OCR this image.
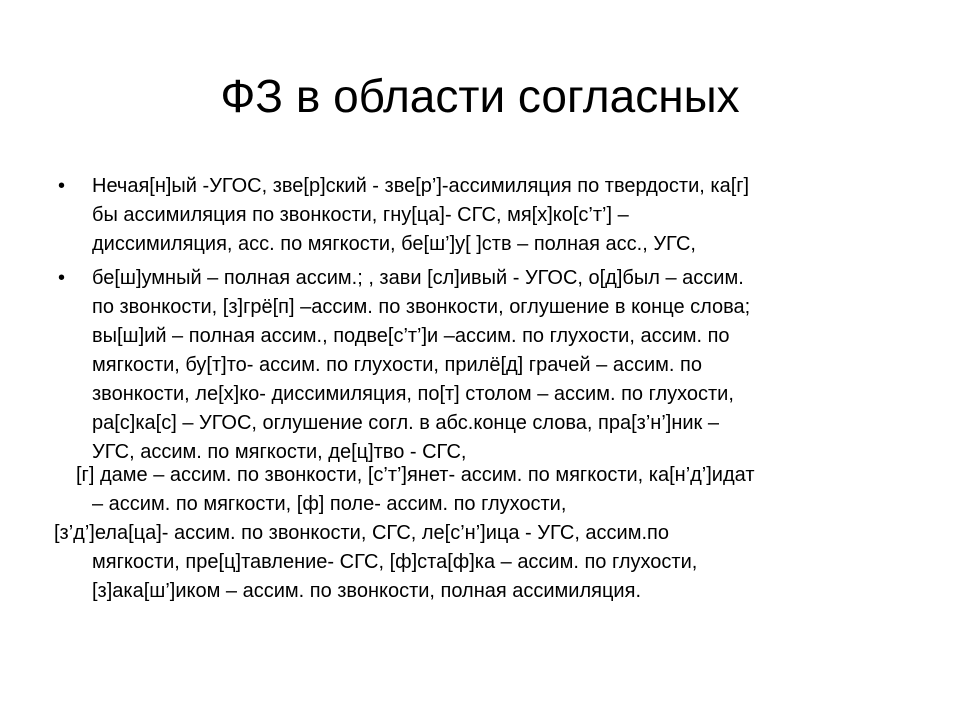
ФЗ в области согласных
•	Нечая[н]ый -УГОС, зве[р]ский - зве[р’]-ассимиляция по твердости, ка[г]
бы ассимиляция по звонкости, гну[ца]- СГС, мя[х]ко[с’т’] –
диссимиляция, асс. по мягкости, бе[ш’]у[ ]ств – полная асс., УГС,
•	бе[ш]умный – полная ассим.; , зави [сл]ивый - УГОС, о[д]был – ассим.
по звонкости, [з]грё[п] –ассим. по звонкости, оглушение в конце слова;
вы[ш]ий – полная ассим., подве[с’т’]и –ассим. по глухости, ассим. по
мягкости, бу[т]то- ассим. по глухости, прилё[д] грачей – ассим. по
звонкости, ле[х]ко- диссимиляция, по[т] столом – ассим. по глухости,
ра[с]ка[с] – УГОС, оглушение согл. в абс.конце слова, пра[з’н’]ник –
УГС, ассим. по мягкости, де[ц]тво - СГС,
[г] даме – ассим. по звонкости, [с’т’]янет- ассим. по мягкости, ка[н’д’]идат
– ассим. по мягкости, [ф] поле- ассим. по глухости,
[з’д’]ела[ца]- ассим. по звонкости, СГС, ле[с’н’]ица - УГС, ассим.по
мягкости, пре[ц]тавление- СГС, [ф]ста[ф]ка – ассим. по глухости,
[з]ака[ш’]иком – ассим. по звонкости, полная ассимиляция.
